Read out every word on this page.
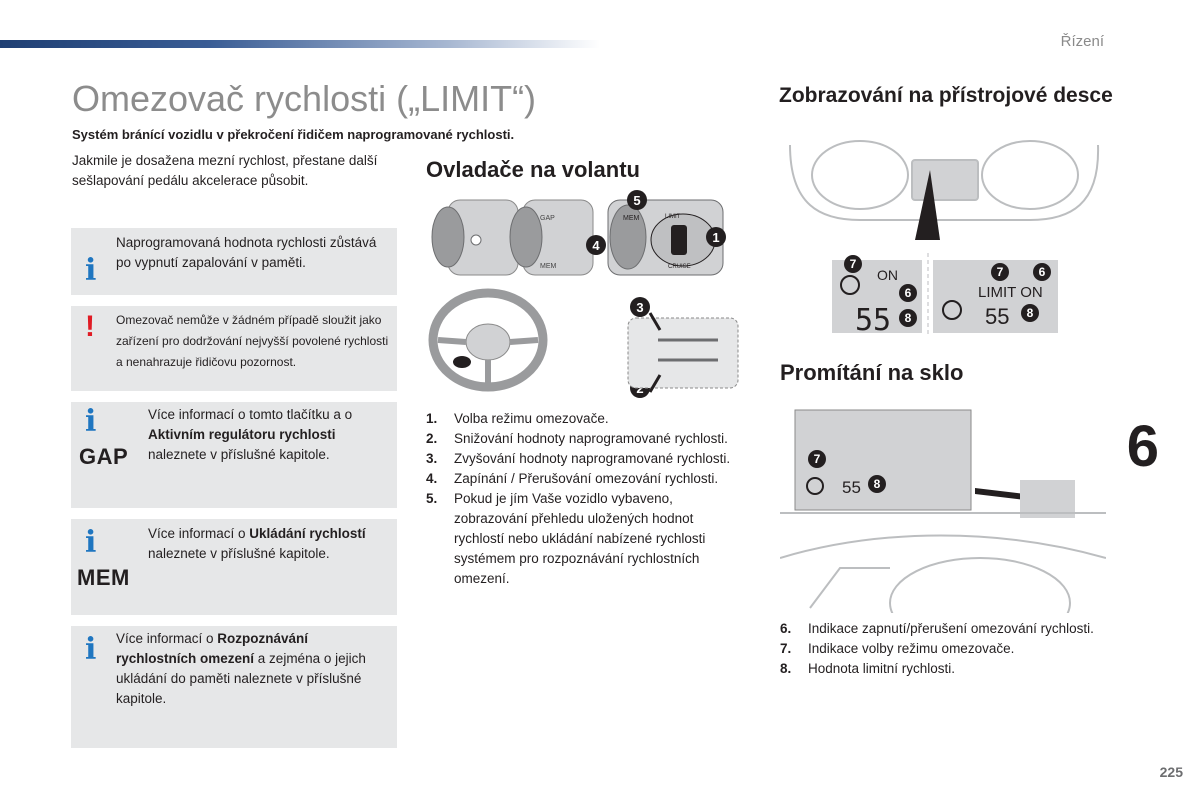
Řízení
Omezovač rychlosti („LIMIT“)
Systém bránící vozidlu v překročení řidičem naprogramované rychlosti.
Jakmile je dosažena mezní rychlost, přestane další sešlapování pedálu akcelerace působit.
i
Naprogramovaná hodnota rychlosti zůstává po vypnutí zapalování v paměti.
! Omezovač nemůže v žádném případě sloužit jako zařízení pro dodržování nejvyšší povolené rychlosti a nenahrazuje řidičovu pozornost.
i
GAP
Více informací o tomto tlačítku a o Aktivním regulátoru rychlosti naleznete v příslušné kapitole.
i
MEM
Více informací o Ukládání rychlostí naleznete v příslušné kapitole.
i Více informací o Rozpoznávání rychlostních omezení a zejména o jejich ukládání do paměti naleznete v příslušné kapitole.
Ovladače na volantu
GAP
MEM
MEM	LIMIT
CRUISE
1
3
4
5
1. Volba režimu omezovače.
2. Snižování hodnoty naprogramované rychlosti.
3. Zvyšování hodnoty naprogramované rychlosti.
4. Zapínání / Přerušování omezování rychlosti.
5. Pokud je jím Vaše vozidlo vybaveno, zobrazování přehledu uložených hodnot rychlostí nebo ukládání nabízené rychlosti systémem pro rozpoznávání rychlostních omezení.
Zobrazování na přístrojové desce
ON
55
LIMIT ON
55
7
6
8
7	6
8
Promítání na sklo
55
7
8
6. Indikace zapnutí/přerušení omezování rychlosti.
7. Indikace volby režimu omezovače.
8. Hodnota limitní rychlosti.
6
225
